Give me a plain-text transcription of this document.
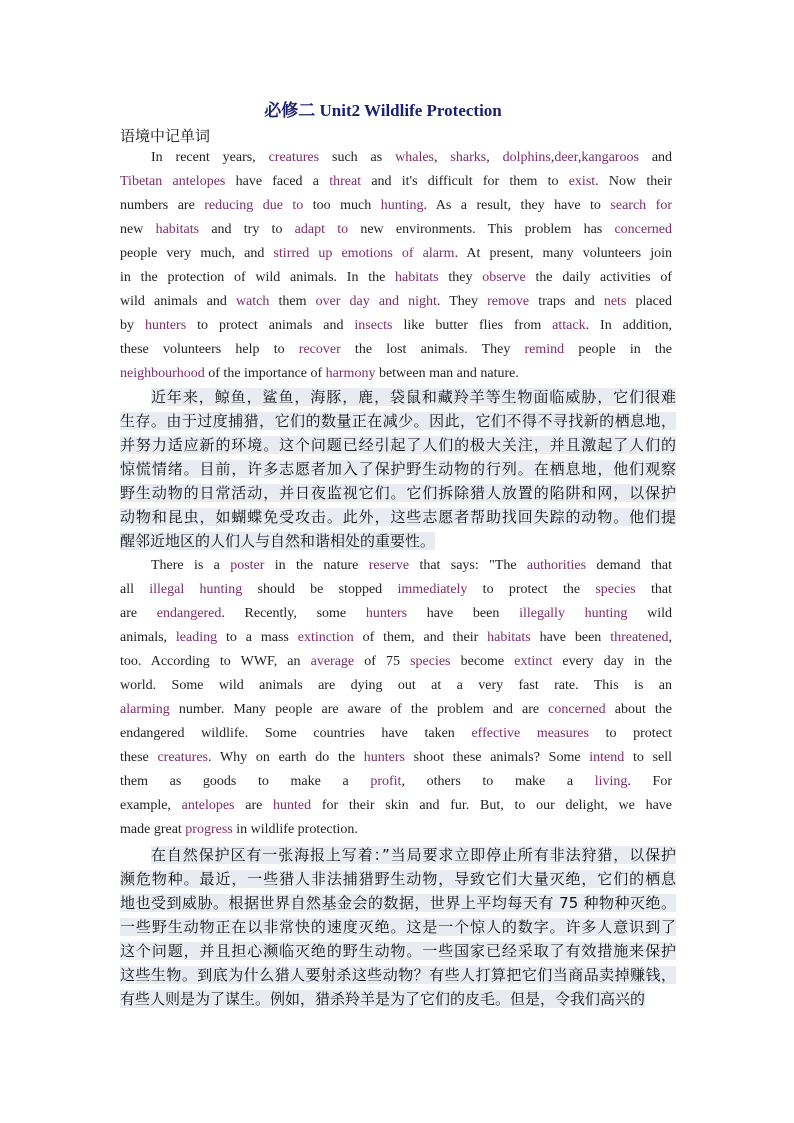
必修二 Unit2 Wildlife Protection
语境中记单词
In recent years, creatures such as whales, sharks, dolphins,deer,kangaroos and
Tibetan antelopes have faced a threat and it's difficult for them to exist. Now their
numbers are reducing due to too much hunting. As a result, they have to search for
new habitats and try to adapt to new environments. This problem has concerned
people very much, and stirred up emotions of alarm. At present, many volunteers join
in the protection of wild animals. In the habitats they observe the daily activities of
wild animals and watch them over day and night. They remove traps and nets placed
by hunters to protect animals and insects like butter flies from attack. In addition,
these volunteers help to recover the lost animals. They remind people in the
neighbourhood of the importance of harmony between man and nature.
近年来，鲸鱼，鲨鱼，海豚，鹿，袋鼠和藏羚羊等生物面临威胁，它们很难
生存。由于过度捕猎，它们的数量正在减少。因此，它们不得不寻找新的栖息地，
并努力适应新的环境。这个问题已经引起了人们的极大关注，并且激起了人们的
惊慌情绪。目前，许多志愿者加入了保护野生动物的行列。在栖息地，他们观察
野生动物的日常活动，并日夜监视它们。它们拆除猎人放置的陷阱和网，以保护
动物和昆虫，如蝴蝶免受攻击。此外，这些志愿者帮助找回失踪的动物。他们提
醒邻近地区的人们人与自然和谐相处的重要性。
There is a poster in the nature reserve that says: "The authorities demand that
all illegal hunting should be stopped immediately to protect the species that
are endangered. Recently, some hunters have been illegally hunting wild
animals, leading to a mass extinction of them, and their habitats have been threatened,
too. According to WWF, an average of 75 species become extinct every day in the
world. Some wild animals are dying out at a very fast rate. This is an
alarming number. Many people are aware of the problem and are concerned about the
endangered wildlife. Some countries have taken effective measures to protect
these creatures. Why on earth do the hunters shoot these animals? Some intend to sell
them as goods to make a profit, others to make a living. For
example, antelopes are hunted for their skin and fur. But, to our delight, we have
made great progress in wildlife protection.
在自然保护区有一张海报上写着：”当局要求立即停止所有非法狩猎，以保护
濒危物种。最近，一些猎人非法捕猎野生动物，导致它们大量灭绝，它们的栖息
地也受到威胁。根据世界自然基金会的数据，世界上平均每天有 75 种物种灭绝。
一些野生动物正在以非常快的速度灭绝。这是一个惊人的数字。许多人意识到了
这个问题，并且担心濒临灭绝的野生动物。一些国家已经采取了有效措施来保护
这些生物。到底为什么猎人要射杀这些动物？有些人打算把它们当商品卖掉赚钱，
有些人则是为了谋生。例如，猎杀羚羊是为了它们的皮毛。但是，令我们高兴的
